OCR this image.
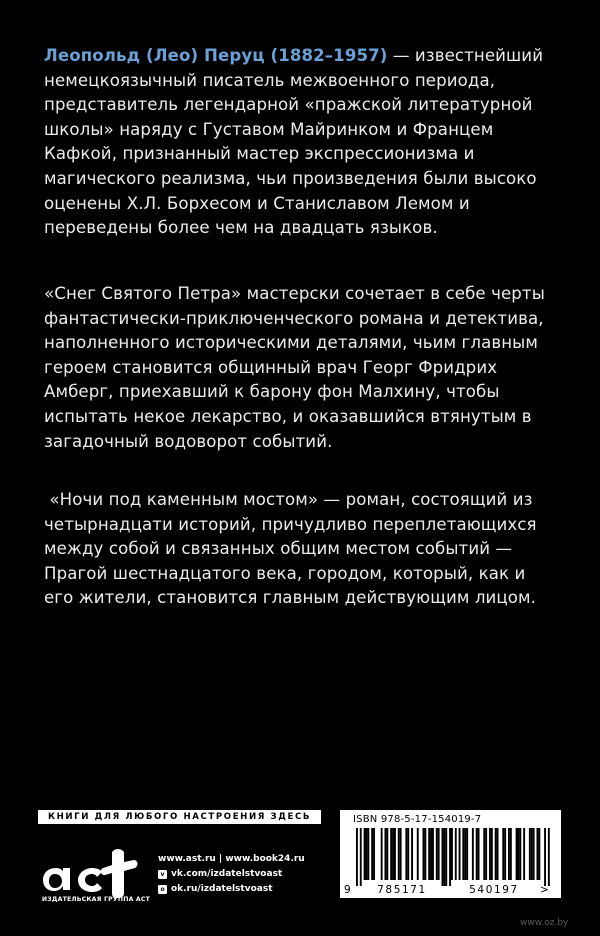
Леопольд (Лео) Перуц (1882–1957) — известнейший немецкоязычный писатель межвоенного периода, представитель легендарной «пражской литературной школы» наряду с Густавом Майринком и Францем Кафкой, признанный мастер экспрессионизма и магического реализма, чьи произведения были высоко оценены Х.Л. Борхесом и Станиславом Лемом и переведены более чем на двадцать языков.

«Снег Святого Петра» мастерски сочетает в себе черты фантастически-приключенческого романа и детектива, наполненного историческими деталями, чьим главным героем становится общинный врач Георг Фридрих Амберг, приехавший к барону фон Малхину, чтобы испытать некое лекарство, и оказавшийся втянутым в загадочный водоворот событий.

«Ночи под каменным мостом» — роман, состоящий из четырнадцати историй, причудливо переплетающихся между собой и связанных общим местом событий — Прагой шестнадцатого века, городом, который, как и его жители, становится главным действующим лицом.

КНИГИ ДЛЯ ЛЮБОГО НАСТРОЕНИЯ ЗДЕСЬ
ИЗДАТЕЛЬСКАЯ ГРУППА АСТ
www.ast.ru | www.book24.ru
v vk.com/izdatelstvoast
o ok.ru/izdatelstvoast
ISBN 978-5-17-154019-7
9	785171	540197	>
www.oz.by
